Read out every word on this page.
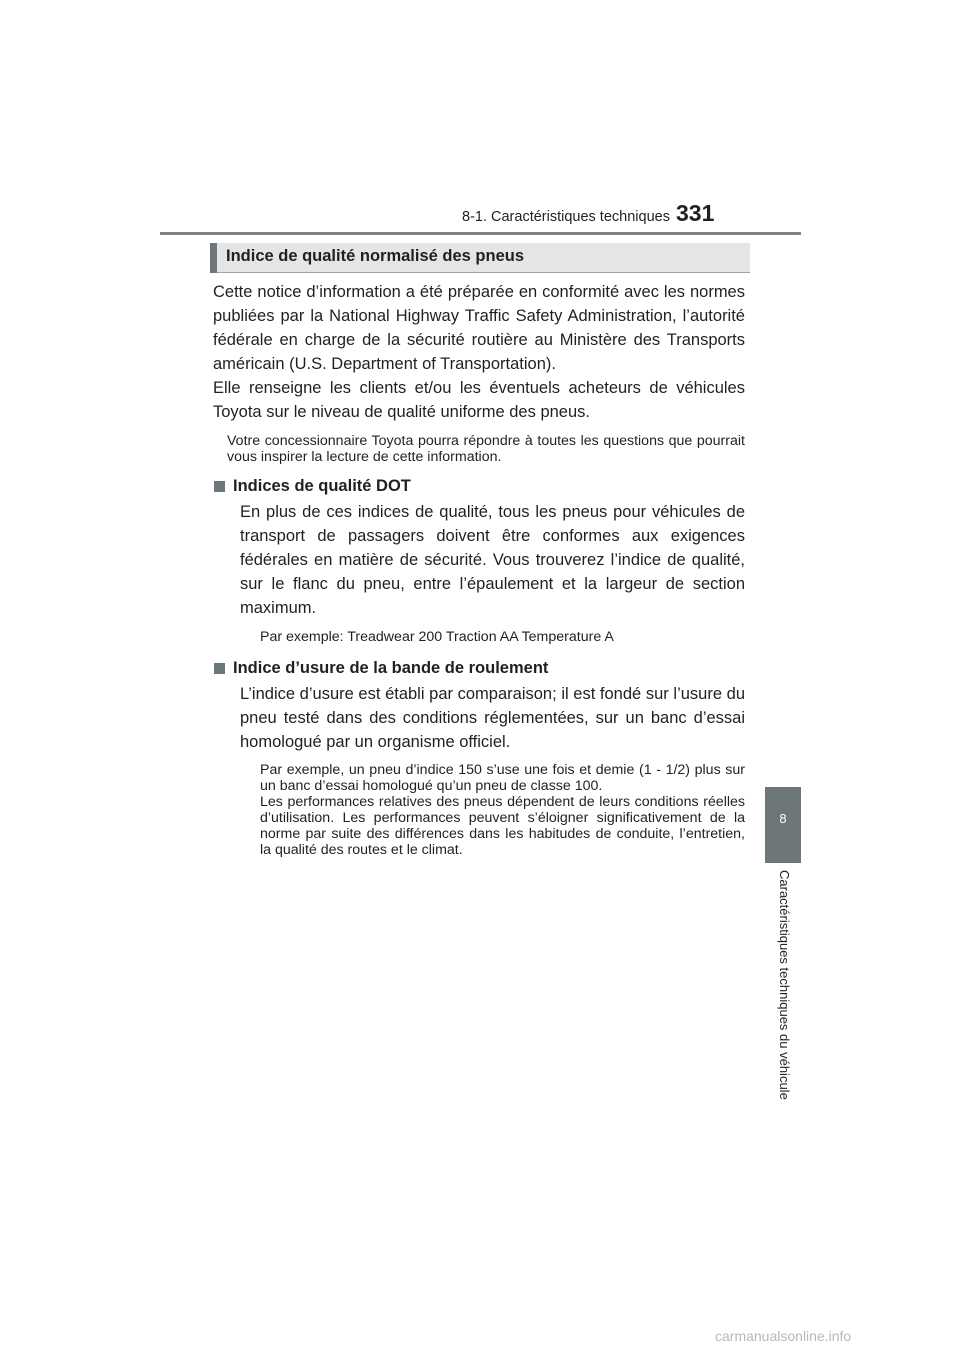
8-1. Caractéristiques techniques 331
Indice de qualité normalisé des pneus

Cette notice d’information a été préparée en conformité avec les normes publiées par la National Highway Traffic Safety Administration, l’autorité fédérale en charge de la sécurité routière au Ministère des Transports américain (U.S. Department of Transportation).

Elle renseigne les clients et/ou les éventuels acheteurs de véhicules Toyota sur le niveau de qualité uniforme des pneus.

Votre concessionnaire Toyota pourra répondre à toutes les questions que pourrait vous inspirer la lecture de cette information.

Indices de qualité DOT

En plus de ces indices de qualité, tous les pneus pour véhicules de transport de passagers doivent être conformes aux exigences fédérales en matière de sécurité. Vous trouverez l’indice de qualité, sur le flanc du pneu, entre l’épaulement et la largeur de section maximum.

Par exemple: Treadwear 200 Traction AA Temperature A

Indice d’usure de la bande de roulement

L’indice d’usure est établi par comparaison; il est fondé sur l’usure du pneu testé dans des conditions réglementées, sur un banc d’essai homologué par un organisme officiel.

Par exemple, un pneu d’indice 150 s’use une fois et demie (1 - 1/2) plus sur un banc d’essai homologué qu’un pneu de classe 100.

Les performances relatives des pneus dépendent de leurs conditions réelles d’utilisation. Les performances peuvent s’éloigner significativement de la norme par suite des différences dans les habitudes de conduite, l’entretien, la qualité des routes et le climat.

8
Caractéristiques techniques du véhicule
carmanualsonline.info
